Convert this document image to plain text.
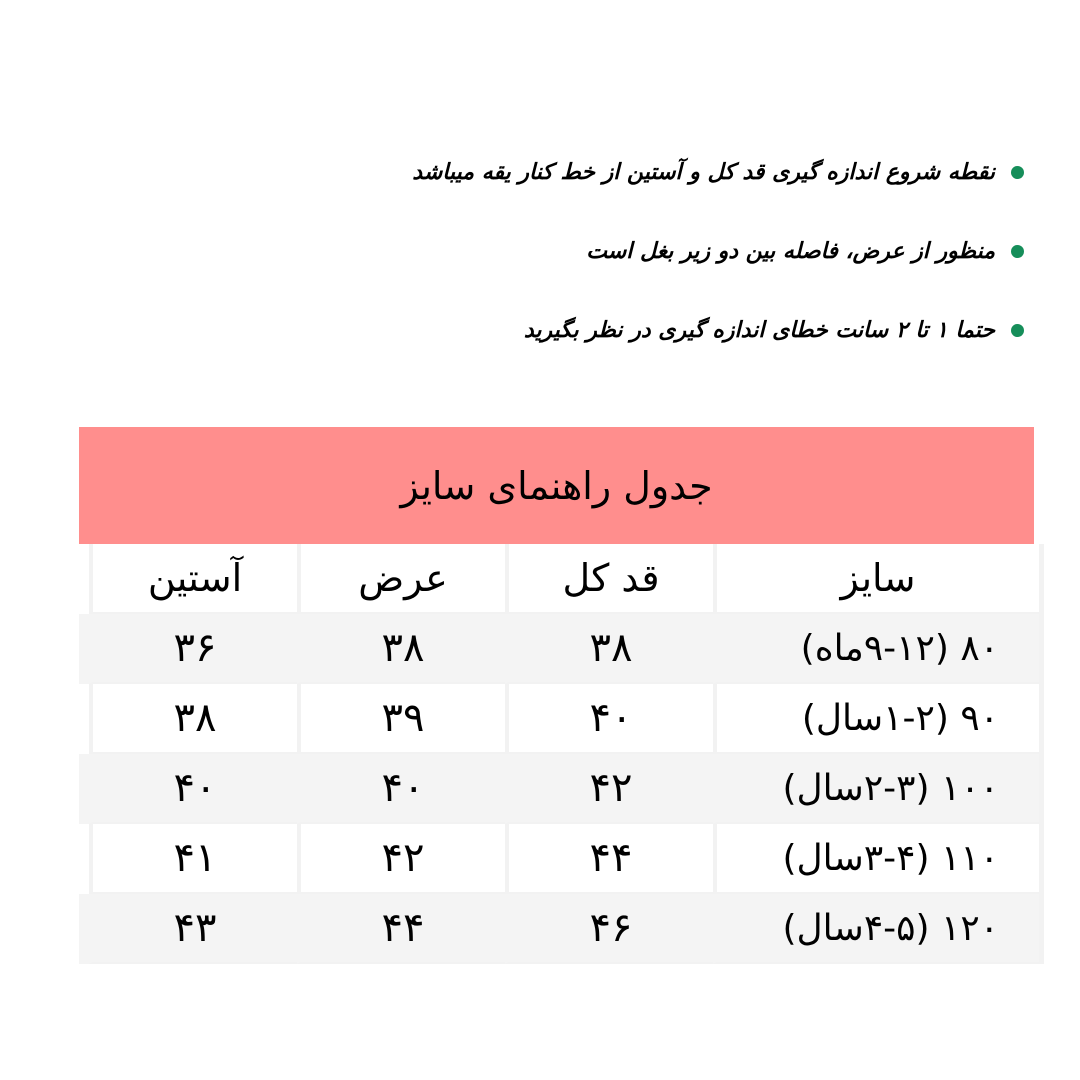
نقطه شروع اندازه گیری قد کل و آستین از خط کنار یقه میباشد
منظور از عرض، فاصله بین دو زیر بغل است
حتما ۱ تا ۲ سانت خطای اندازه گیری در نظر بگیرید
جدول راهنمای سایز
سایز
قد کل
عرض
آستین
۸۰ (۹-۱۲ماه)
۳۸
۳۸
۳۶
۹۰ (۱-۲سال)
۴۰
۳۹
۳۸
۱۰۰ (۲-۳سال)
۴۲
۴۰
۴۰
۱۱۰ (۳-۴سال)
۴۴
۴۲
۴۱
۱۲۰ (۴-۵سال)
۴۶
۴۴
۴۳
